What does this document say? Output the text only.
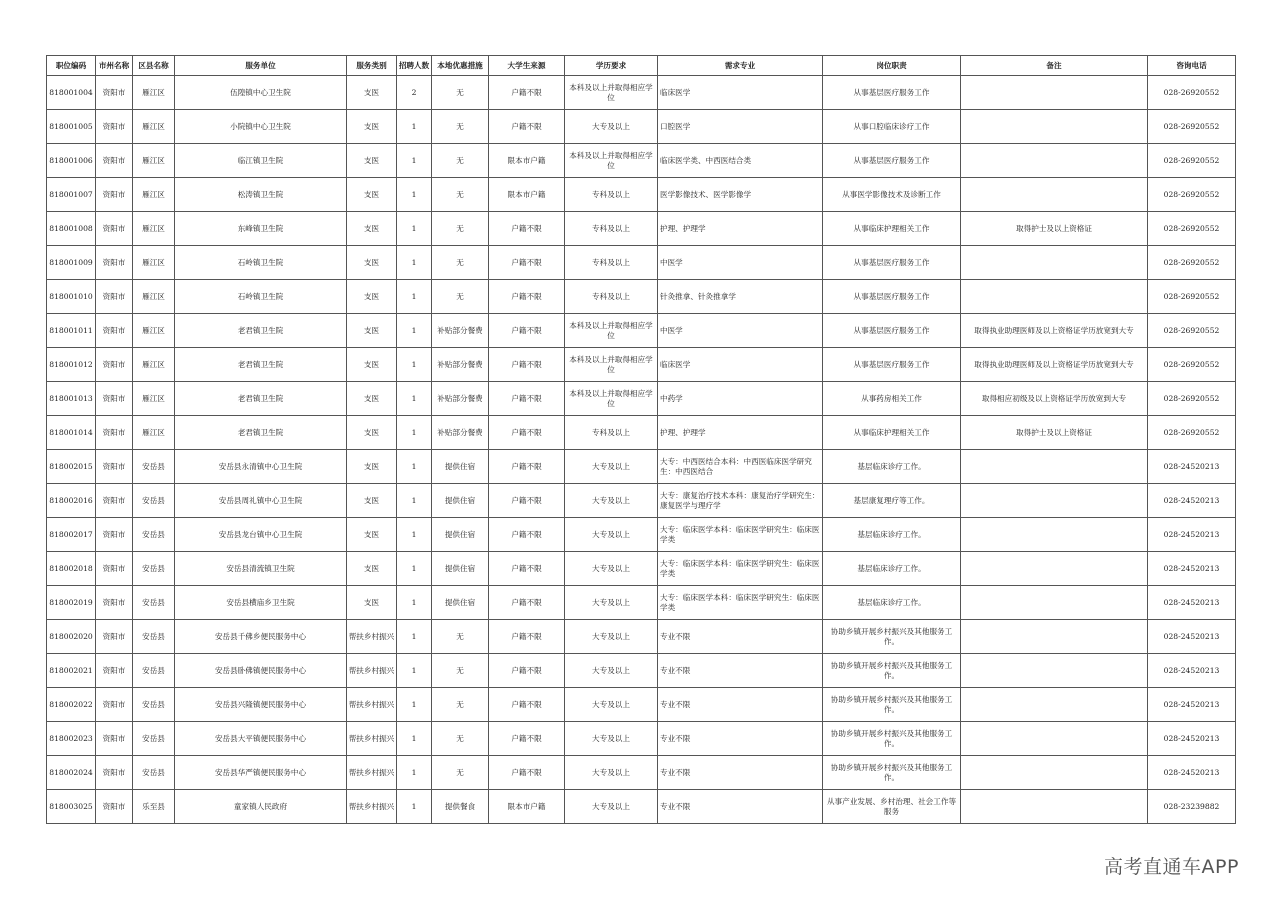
职位编码	市州名称	区县名称	服务单位	服务类别	招聘人数	本地优惠措施	大学生来源	学历要求	需求专业	岗位职责	备注	咨询电话
818001004	资阳市	雁江区	伍隍镇中心卫生院	支医	2	无	户籍不限	本科及以上并取得相应学位	临床医学	从事基层医疗服务工作		028-26920552
818001005	资阳市	雁江区	小院镇中心卫生院	支医	1	无	户籍不限	大专及以上	口腔医学	从事口腔临床诊疗工作		028-26920552
818001006	资阳市	雁江区	临江镇卫生院	支医	1	无	限本市户籍	本科及以上并取得相应学位	临床医学类、中西医结合类	从事基层医疗服务工作		028-26920552
818001007	资阳市	雁江区	松涛镇卫生院	支医	1	无	限本市户籍	专科及以上	医学影像技术、医学影像学	从事医学影像技术及诊断工作		028-26920552
818001008	资阳市	雁江区	东峰镇卫生院	支医	1	无	户籍不限	专科及以上	护理、护理学	从事临床护理相关工作	取得护士及以上资格证	028-26920552
818001009	资阳市	雁江区	石岭镇卫生院	支医	1	无	户籍不限	专科及以上	中医学	从事基层医疗服务工作		028-26920552
818001010	资阳市	雁江区	石岭镇卫生院	支医	1	无	户籍不限	专科及以上	针灸推拿、针灸推拿学	从事基层医疗服务工作		028-26920552
818001011	资阳市	雁江区	老君镇卫生院	支医	1	补贴部分餐费	户籍不限	本科及以上并取得相应学位	中医学	从事基层医疗服务工作	取得执业助理医师及以上资格证学历放宽到大专	028-26920552
818001012	资阳市	雁江区	老君镇卫生院	支医	1	补贴部分餐费	户籍不限	本科及以上并取得相应学位	临床医学	从事基层医疗服务工作	取得执业助理医师及以上资格证学历放宽到大专	028-26920552
818001013	资阳市	雁江区	老君镇卫生院	支医	1	补贴部分餐费	户籍不限	本科及以上并取得相应学位	中药学	从事药房相关工作	取得相应初级及以上资格证学历放宽到大专	028-26920552
818001014	资阳市	雁江区	老君镇卫生院	支医	1	补贴部分餐费	户籍不限	专科及以上	护理、护理学	从事临床护理相关工作	取得护士及以上资格证	028-26920552
818002015	资阳市	安岳县	安岳县永清镇中心卫生院	支医	1	提供住宿	户籍不限	大专及以上	大专：中西医结合本科：中西医临床医学研究生：中西医结合	基层临床诊疗工作。		028-24520213
818002016	资阳市	安岳县	安岳县周礼镇中心卫生院	支医	1	提供住宿	户籍不限	大专及以上	大专：康复治疗技术本科：康复治疗学研究生：康复医学与理疗学	基层康复理疗等工作。		028-24520213
818002017	资阳市	安岳县	安岳县龙台镇中心卫生院	支医	1	提供住宿	户籍不限	大专及以上	大专：临床医学本科：临床医学研究生：临床医学类	基层临床诊疗工作。		028-24520213
818002018	资阳市	安岳县	安岳县清流镇卫生院	支医	1	提供住宿	户籍不限	大专及以上	大专：临床医学本科：临床医学研究生：临床医学类	基层临床诊疗工作。		028-24520213
818002019	资阳市	安岳县	安岳县横庙乡卫生院	支医	1	提供住宿	户籍不限	大专及以上	大专：临床医学本科：临床医学研究生：临床医学类	基层临床诊疗工作。		028-24520213
818002020	资阳市	安岳县	安岳县千佛乡便民服务中心	帮扶乡村振兴	1	无	户籍不限	大专及以上	专业不限	协助乡镇开展乡村振兴及其他服务工作。		028-24520213
818002021	资阳市	安岳县	安岳县卧佛镇便民服务中心	帮扶乡村振兴	1	无	户籍不限	大专及以上	专业不限	协助乡镇开展乡村振兴及其他服务工作。		028-24520213
818002022	资阳市	安岳县	安岳县兴隆镇便民服务中心	帮扶乡村振兴	1	无	户籍不限	大专及以上	专业不限	协助乡镇开展乡村振兴及其他服务工作。		028-24520213
818002023	资阳市	安岳县	安岳县大平镇便民服务中心	帮扶乡村振兴	1	无	户籍不限	大专及以上	专业不限	协助乡镇开展乡村振兴及其他服务工作。		028-24520213
818002024	资阳市	安岳县	安岳县华严镇便民服务中心	帮扶乡村振兴	1	无	户籍不限	大专及以上	专业不限	协助乡镇开展乡村振兴及其他服务工作。		028-24520213
818003025	资阳市	乐至县	童家镇人民政府	帮扶乡村振兴	1	提供餐食	限本市户籍	大专及以上	专业不限	从事产业发展、乡村治理、社会工作等服务		028-23239882
高考直通车APP
